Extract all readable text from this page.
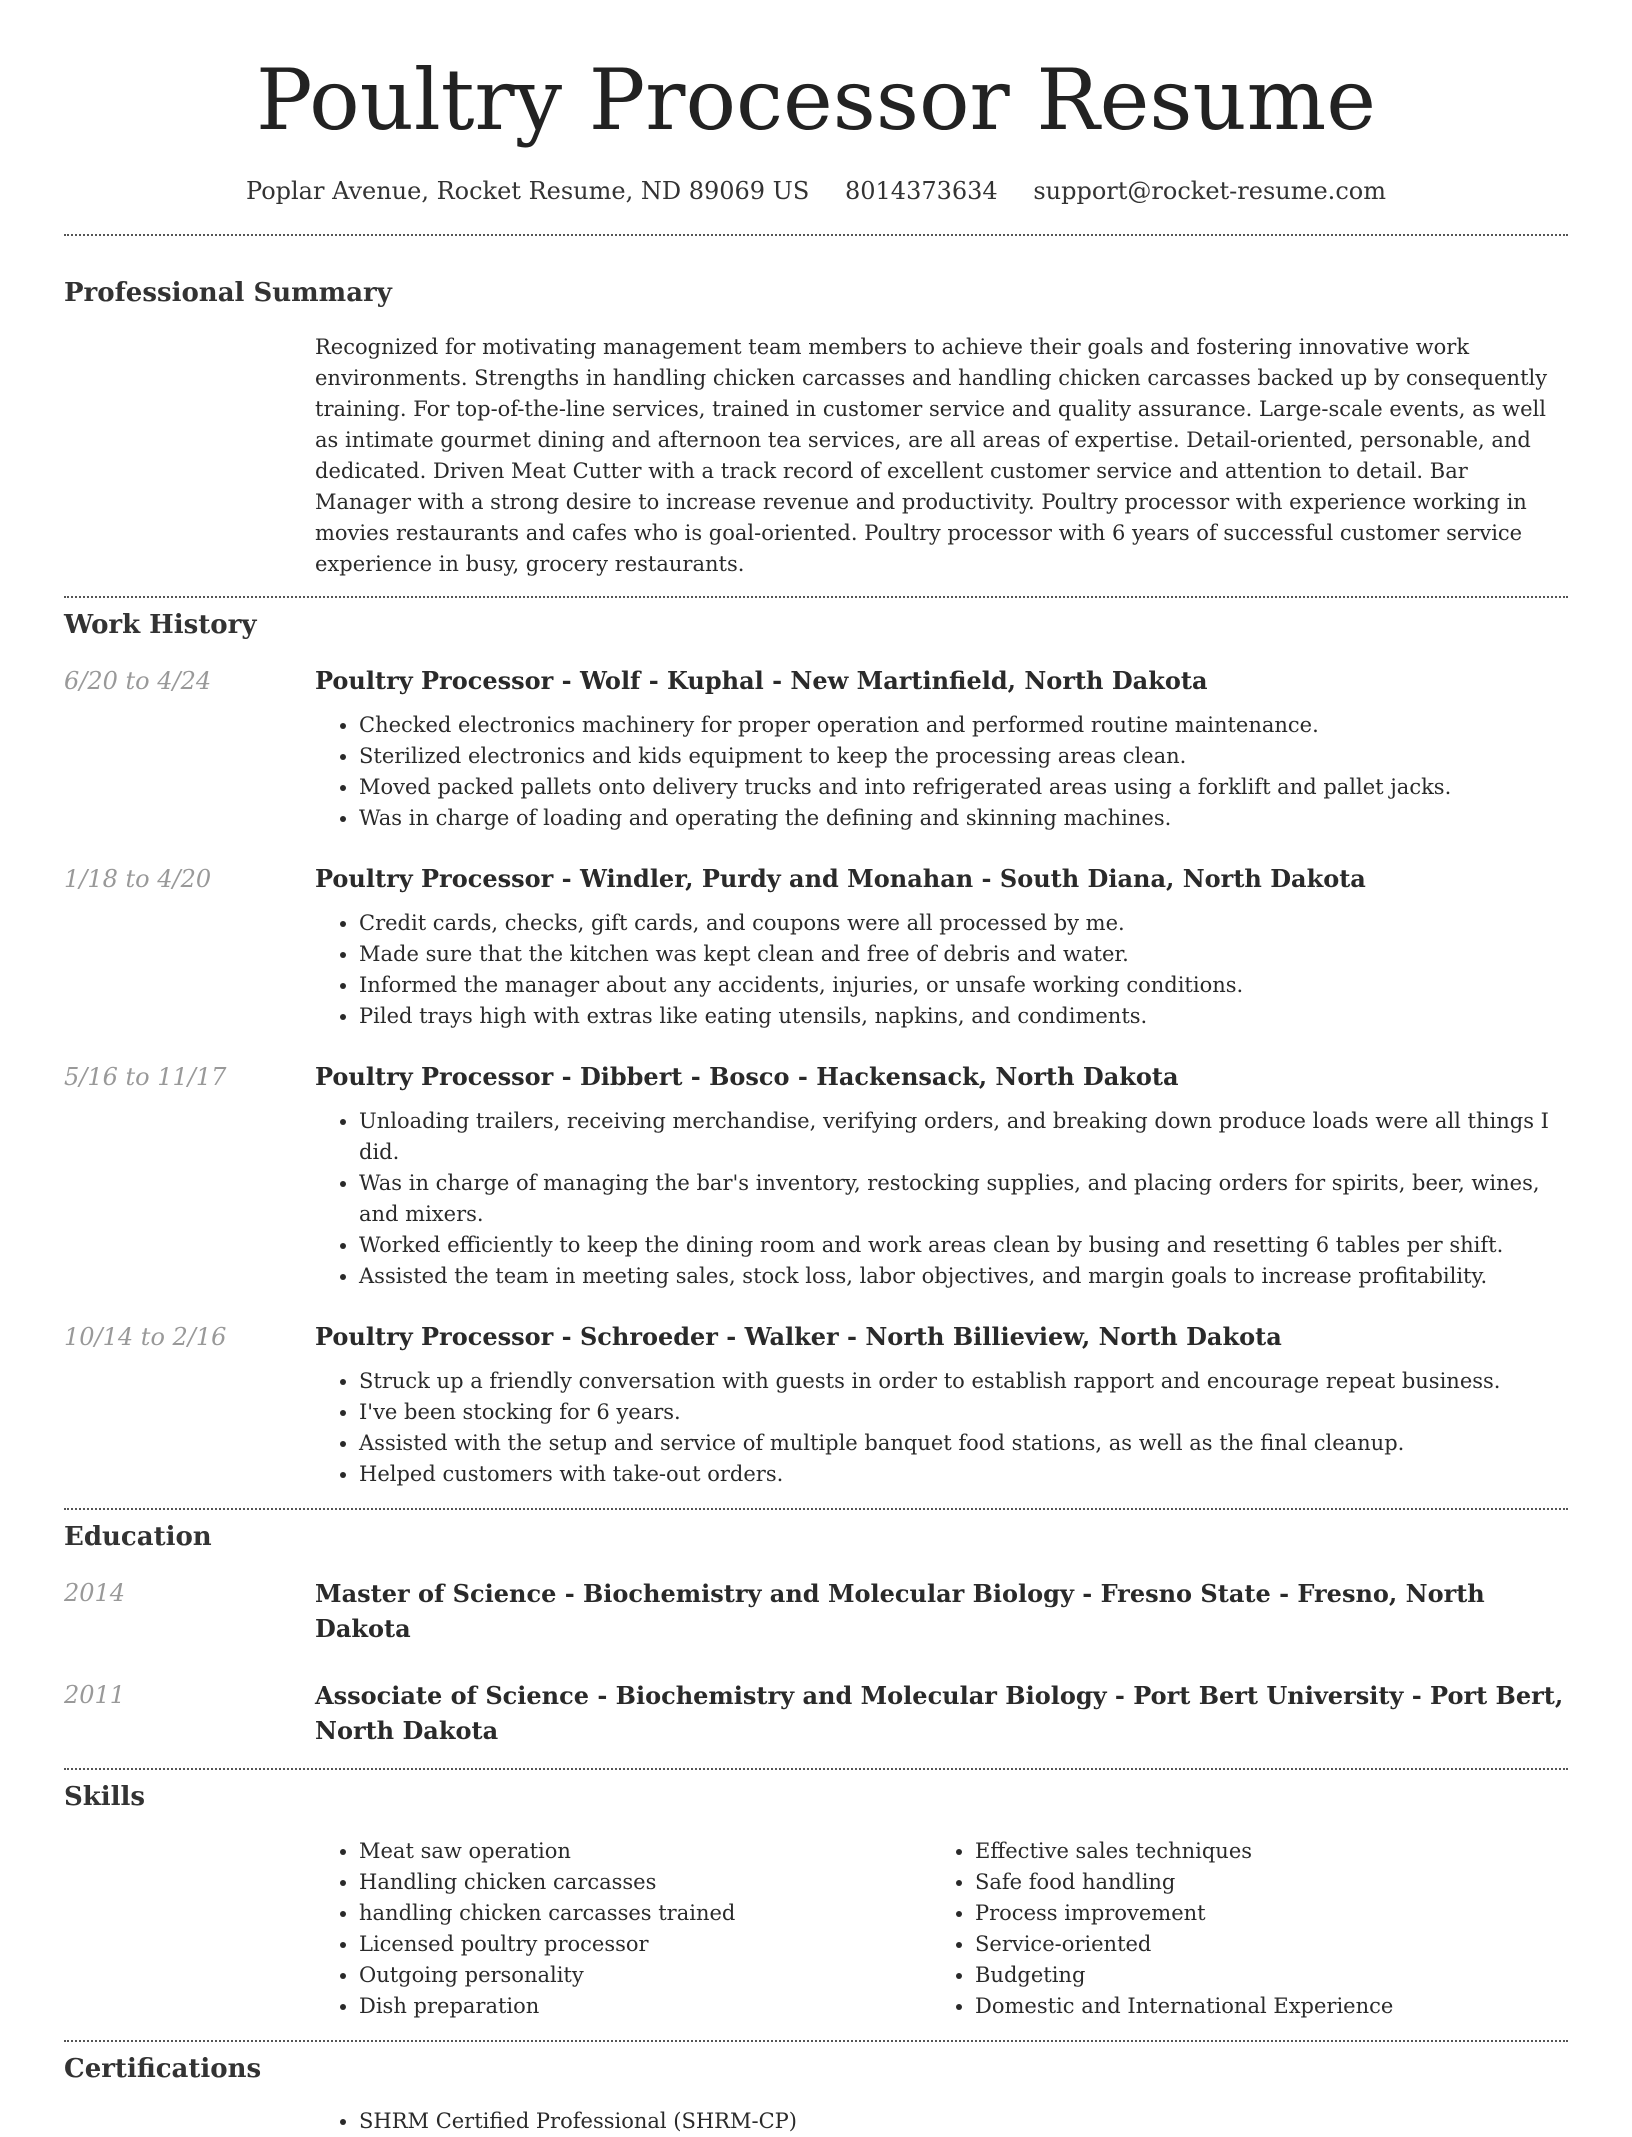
Poultry Processor Resume
Poplar Avenue, Rocket Resume, ND 89069 US 8014373634 support@rocket-resume.com
Professional Summary

Recognized for motivating management team members to achieve their goals and fostering innovative work environments. Strengths in handling chicken carcasses and handling chicken carcasses backed up by consequently training. For top-of-the-line services, trained in customer service and quality assurance. Large-scale events, as well as intimate gourmet dining and afternoon tea services, are all areas of expertise. Detail-oriented, personable, and dedicated. Driven Meat Cutter with a track record of excellent customer service and attention to detail. Bar Manager with a strong desire to increase revenue and productivity. Poultry processor with experience working in movies restaurants and cafes who is goal-oriented. Poultry processor with 6 years of successful customer service experience in busy, grocery restaurants.

Work History
6/20 to 4/24	Poultry Processor - Wolf - Kuphal - New Martinfield, North Dakota
• Checked electronics machinery for proper operation and performed routine maintenance.
• Sterilized electronics and kids equipment to keep the processing areas clean.
• Moved packed pallets onto delivery trucks and into refrigerated areas using a forklift and pallet jacks.
• Was in charge of loading and operating the defining and skinning machines.
1/18 to 4/20	Poultry Processor - Windler, Purdy and Monahan - South Diana, North Dakota
• Credit cards, checks, gift cards, and coupons were all processed by me.
• Made sure that the kitchen was kept clean and free of debris and water.
• Informed the manager about any accidents, injuries, or unsafe working conditions.
• Piled trays high with extras like eating utensils, napkins, and condiments.
5/16 to 11/17	Poultry Processor - Dibbert - Bosco - Hackensack, North Dakota
• Unloading trailers, receiving merchandise, verifying orders, and breaking down produce loads were all things I did.
• Was in charge of managing the bar's inventory, restocking supplies, and placing orders for spirits, beer, wines, and mixers.
• Worked efficiently to keep the dining room and work areas clean by busing and resetting 6 tables per shift.
• Assisted the team in meeting sales, stock loss, labor objectives, and margin goals to increase profitability.
10/14 to 2/16	Poultry Processor - Schroeder - Walker - North Billieview, North Dakota
• Struck up a friendly conversation with guests in order to establish rapport and encourage repeat business.
• I've been stocking for 6 years.
• Assisted with the setup and service of multiple banquet food stations, as well as the final cleanup.
• Helped customers with take-out orders.
Education
2014	Master of Science - Biochemistry and Molecular Biology - Fresno State - Fresno, North Dakota
2011	Associate of Science - Biochemistry and Molecular Biology - Port Bert University - Port Bert, North Dakota
Skills
• Meat saw operation
• Handling chicken carcasses
• handling chicken carcasses trained
• Licensed poultry processor
• Outgoing personality
• Dish preparation
• Effective sales techniques
• Safe food handling
• Process improvement
• Service-oriented
• Budgeting
• Domestic and International Experience
Certifications
• SHRM Certified Professional (SHRM-CP)
